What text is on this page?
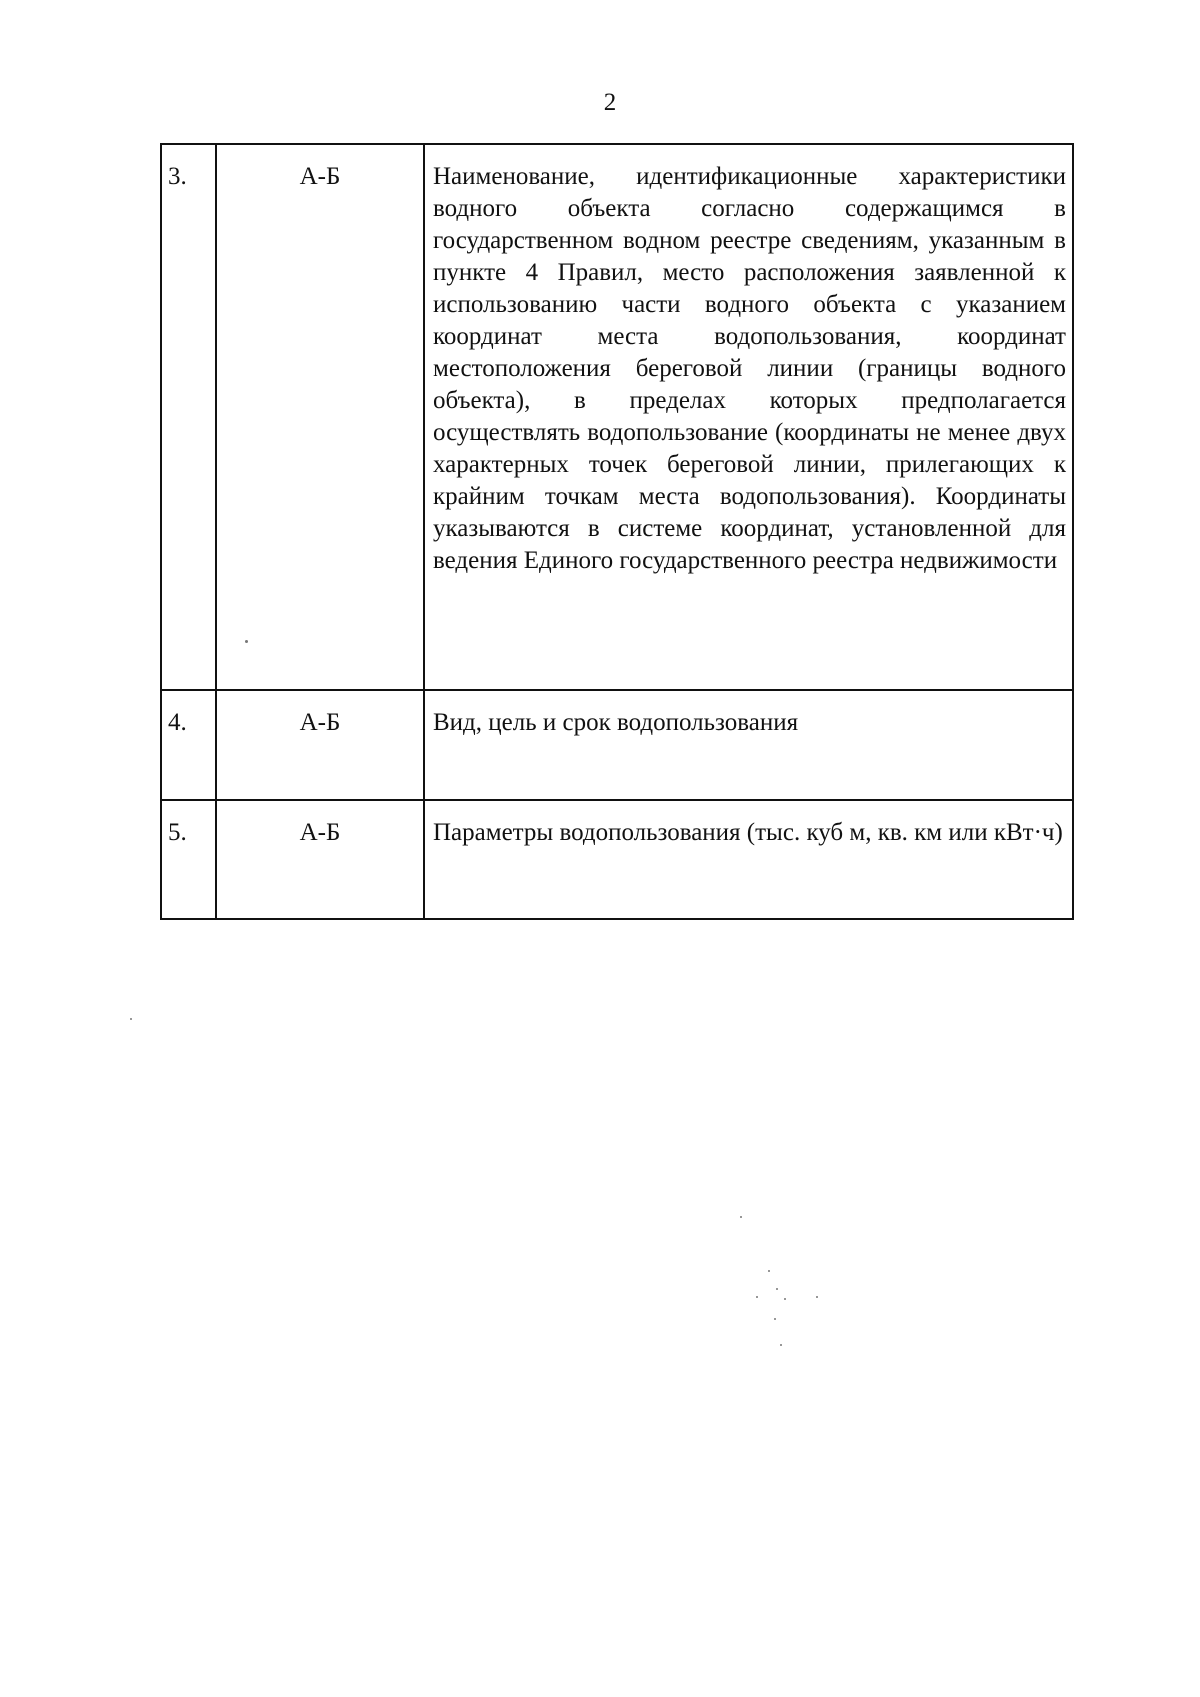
2
3.	А-Б	Наименование, идентификационные характеристики водного объекта согласно содержащимся в государственном водном реестре сведениям, указанным в пункте 4 Правил, место расположения заявленной к использованию части водного объекта с указанием координат места водопользования, координат местоположения береговой линии (границы водного объекта), в пределах которых предполагается осуществлять водопользование (координаты не менее двух характерных точек береговой линии, прилегающих к крайним точкам места водопользования). Координаты указываются в системе координат, установленной для ведения Единого государственного реестра недвижимости
4.	А-Б	Вид, цель и срок водопользования
5.	А-Б	Параметры водопользования (тыс. куб м, кв. км или кВт·ч)
